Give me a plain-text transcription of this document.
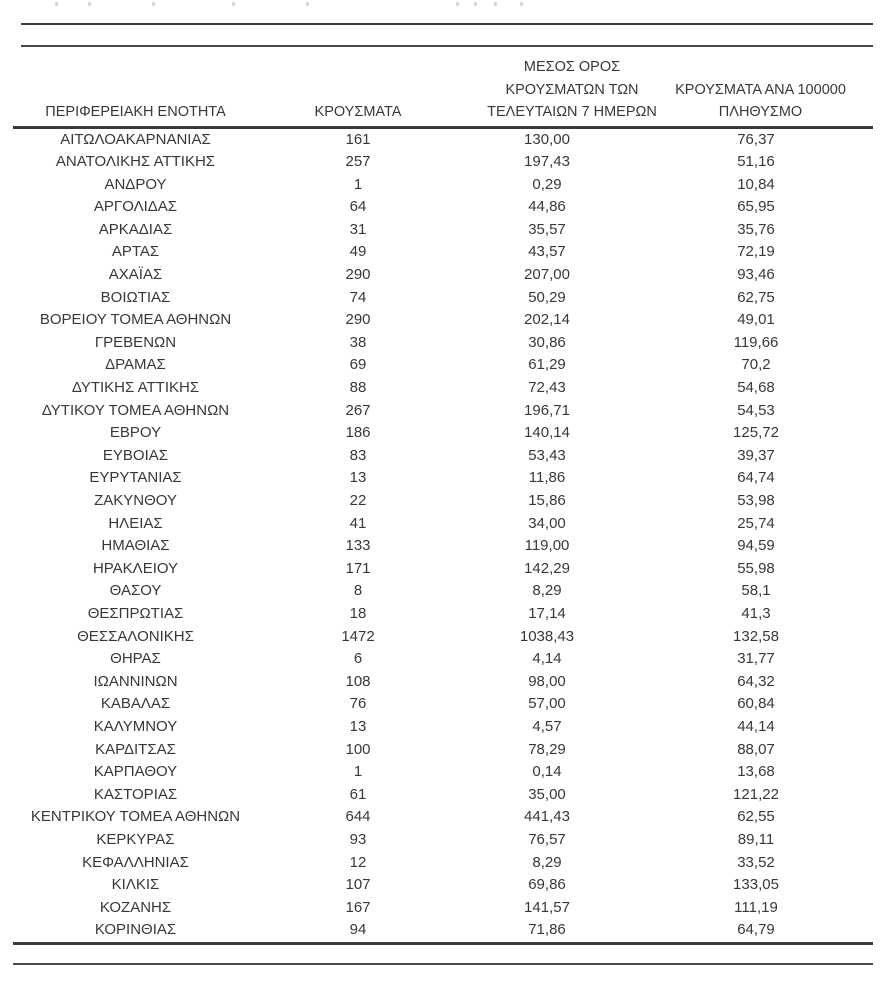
ΠΕΡΙΦΕΡΕΙΑΚΗ ΕΝΟΤΗΤΑ	ΚΡΟΥΣΜΑΤΑ	ΜΕΣΟΣ ΟΡΟΣ
ΚΡΟΥΣΜΑΤΩΝ ΤΩΝ
ΤΕΛΕΥΤΑΙΩΝ 7 ΗΜΕΡΩΝ	ΚΡΟΥΣΜΑΤΑ ΑΝΑ 100000
ΠΛΗΘΥΣΜΟ

ΑΙΤΩΛΟΑΚΑΡΝΑΝΙΑΣ	161	130,00	76,37
ΑΝΑΤΟΛΙΚΗΣ ΑΤΤΙΚΗΣ	257	197,43	51,16
ΑΝΔΡΟΥ	1	0,29	10,84
ΑΡΓΟΛΙΔΑΣ	64	44,86	65,95
ΑΡΚΑΔΙΑΣ	31	35,57	35,76
ΑΡΤΑΣ	49	43,57	72,19
ΑΧΑΪΑΣ	290	207,00	93,46
ΒΟΙΩΤΙΑΣ	74	50,29	62,75
ΒΟΡΕΙΟΥ ΤΟΜΕΑ ΑΘΗΝΩΝ	290	202,14	49,01
ΓΡΕΒΕΝΩΝ	38	30,86	119,66
ΔΡΑΜΑΣ	69	61,29	70,2
ΔΥΤΙΚΗΣ ΑΤΤΙΚΗΣ	88	72,43	54,68
ΔΥΤΙΚΟΥ ΤΟΜΕΑ ΑΘΗΝΩΝ	267	196,71	54,53
ΕΒΡΟΥ	186	140,14	125,72
ΕΥΒΟΙΑΣ	83	53,43	39,37
ΕΥΡΥΤΑΝΙΑΣ	13	11,86	64,74
ΖΑΚΥΝΘΟΥ	22	15,86	53,98
ΗΛΕΙΑΣ	41	34,00	25,74
ΗΜΑΘΙΑΣ	133	119,00	94,59
ΗΡΑΚΛΕΙΟΥ	171	142,29	55,98
ΘΑΣΟΥ	8	8,29	58,1
ΘΕΣΠΡΩΤΙΑΣ	18	17,14	41,3
ΘΕΣΣΑΛΟΝΙΚΗΣ	1472	1038,43	132,58
ΘΗΡΑΣ	6	4,14	31,77
ΙΩΑΝΝΙΝΩΝ	108	98,00	64,32
ΚΑΒΑΛΑΣ	76	57,00	60,84
ΚΑΛΥΜΝΟΥ	13	4,57	44,14
ΚΑΡΔΙΤΣΑΣ	100	78,29	88,07
ΚΑΡΠΑΘΟΥ	1	0,14	13,68
ΚΑΣΤΟΡΙΑΣ	61	35,00	121,22
ΚΕΝΤΡΙΚΟΥ ΤΟΜΕΑ ΑΘΗΝΩΝ	644	441,43	62,55
ΚΕΡΚΥΡΑΣ	93	76,57	89,11
ΚΕΦΑΛΛΗΝΙΑΣ	12	8,29	33,52
ΚΙΛΚΙΣ	107	69,86	133,05
ΚΟΖΑΝΗΣ	167	141,57	111,19
ΚΟΡΙΝΘΙΑΣ	94	71,86	64,79
